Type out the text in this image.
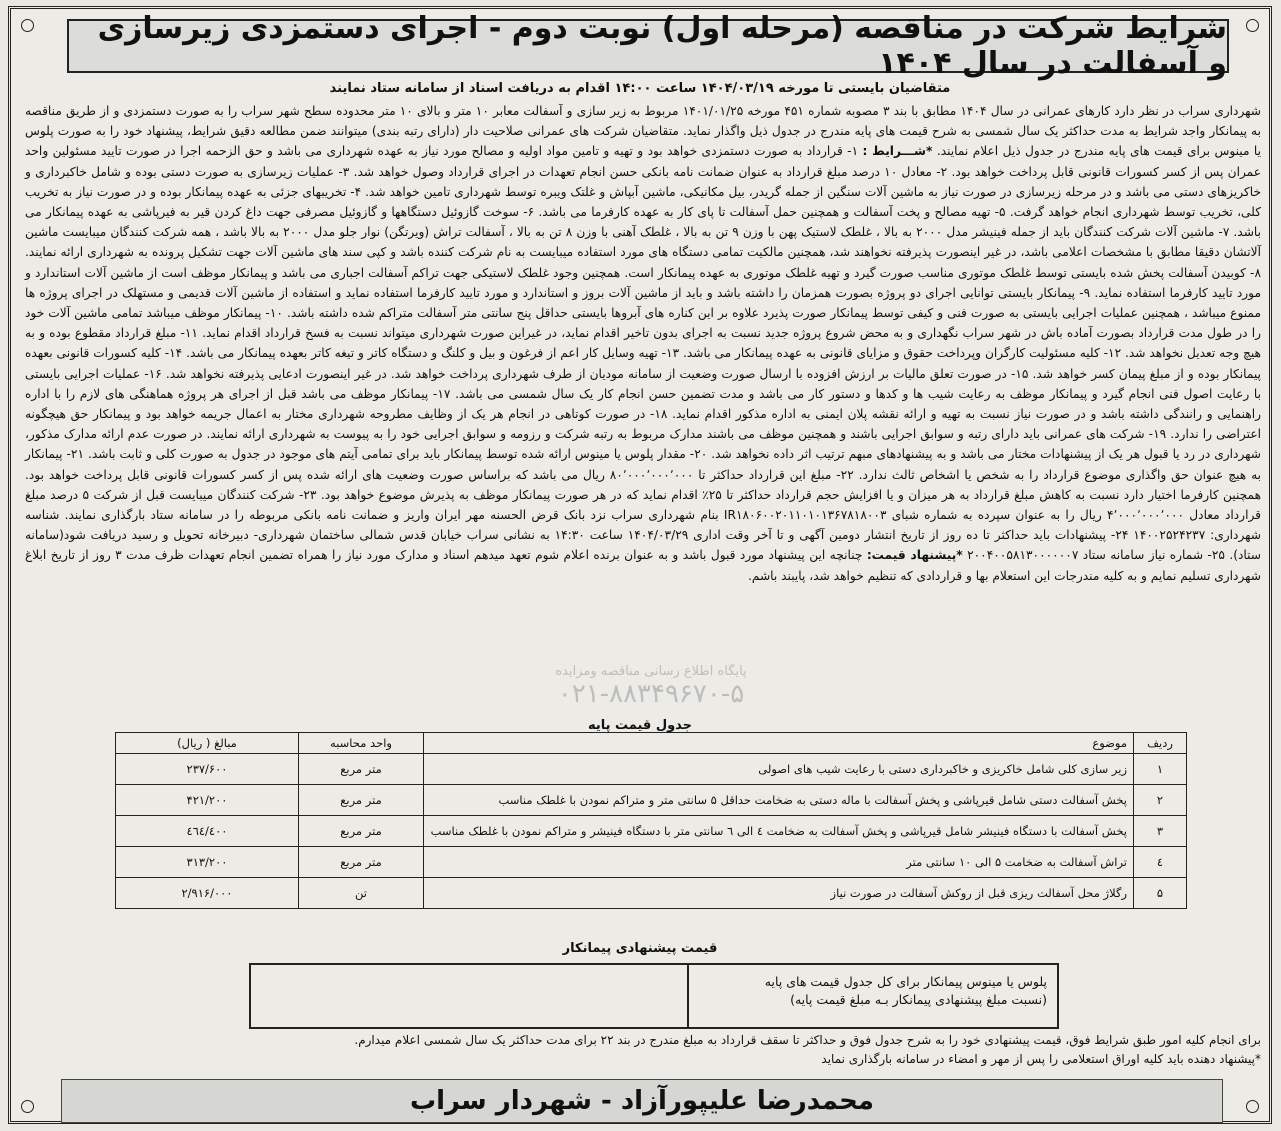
شرایط شرکت در مناقصه (مرحله اول) نوبت دوم - اجرای دستمزدی زیرسازی و آسفالت در سال ۱۴۰۴
متقاضیان بایستی تا مورخه ۱۴۰۴/۰۳/۱۹ ساعت ۱۴:۰۰ اقدام به دریافت اسناد از سامانه ستاد نمایند
شهرداری سراب در نظر دارد کارهای عمرانی در سال ۱۴۰۴ مطابق با بند ۳ مصوبه شماره ۴۵۱ مورخه ۱۴۰۱/۰۱/۲۵ مربوط به زیر سازی و آسفالت معابر ۱۰ متر و بالای ۱۰ متر محدوده سطح شهر سراب را به صورت دستمزدی و از طریق مناقصه به پیمانکار واجد شرایط به مدت حداکثر یک سال شمسی به شرح قیمت های پایه مندرج در جدول ذیل واگذار نماید. متقاضیان شرکت های عمرانی صلاحیت دار (دارای رتبه بندی) میتوانند ضمن مطالعه دقیق شرایط، پیشنهاد خود را به صورت پلوس یا مینوس برای قیمت های پایه مندرج در جدول ذیل اعلام نمایند. *شـــرایط : ۱- قرارداد به صورت دستمزدی خواهد بود و تهیه و تامین مواد اولیه و مصالح مورد نیاز به عهده شهرداری می باشد و حق الزحمه اجرا در صورت تایید مسئولین واحد عمران پس از کسر کسورات قانونی قابل پرداخت خواهد بود. ۲- معادل ۱۰ درصد مبلغ قرارداد به عنوان ضمانت نامه بانکی حسن انجام تعهدات در اجرای قرارداد وصول خواهد شد. ۳- عملیات زیرسازی به صورت دستی بوده و شامل خاکبرداری و خاکریزهای دستی می باشد و در مرحله زیرسازی در صورت نیاز به ماشین آلات سنگین از جمله گریدر، بیل مکانیکی، ماشین آبپاش و غلتک ویبره توسط شهرداری تامین خواهد شد. ۴- تخریبهای جزئی به عهده پیمانکار بوده و در صورت نیاز به تخریب کلی، تخریب توسط شهرداری انجام خواهد گرفت. ۵- تهیه مصالح و پخت آسفالت و همچنین حمل آسفالت تا پای کار به عهده کارفرما می باشد. ۶- سوخت گازوئیل دستگاهها و گازوئیل مصرفی جهت داغ کردن قیر به فیرپاشی به عهده پیمانکار می باشد. ۷- ماشین آلات شرکت کنندگان باید از جمله فینیشر مدل ۲۰۰۰ به بالا ، غلطک لاستیک پهن با وزن ۹ تن به بالا ، غلطک آهنی با وزن ۸ تن به بالا ، آسفالت تراش (ویرتگن) نوار جلو مدل ۲۰۰۰ به بالا باشد ، همه شرکت کنندگان میبایست ماشین آلاتشان دقیقا مطابق با مشخصات اعلامی باشد، در غیر اینصورت پذیرفته نخواهند شد، همچنین مالکیت تمامی دستگاه های مورد استفاده میبایست به نام شرکت کننده باشد و کپی سند های ماشین آلات جهت تشکیل پرونده به شهرداری ارائه نمایند. ۸- کوبیدن آسفالت پخش شده بایستی توسط غلطک موتوری مناسب صورت گیرد و تهیه غلطک موتوری به عهده پیمانکار است. همچنین وجود غلطک لاستیکی جهت تراکم آسفالت اجباری می باشد و پیمانکار موظف است از ماشین آلات استاندارد و مورد تایید کارفرما استفاده نماید. ۹- پیمانکار بایستی توانایی اجرای دو پروژه بصورت همزمان را داشته باشد و باید از ماشین آلات بروز و استاندارد و مورد تایید کارفرما استفاده نماید و استفاده از ماشین آلات قدیمی و مستهلک در اجرای پروژه ها ممنوع میباشد ، همچنین عملیات اجرایی بایستی به صورت فنی و کیفی توسط پیمانکار صورت پذیرد علاوه بر این کناره های آبروها بایستی حداقل پنج سانتی متر آسفالت متراکم شده داشته باشد. ۱۰- پیمانکار موظف میباشد تمامی ماشین آلات خود را در طول مدت قرارداد بصورت آماده باش در شهر سراب نگهداری و به محض شروع پروژه جدید نسبت به اجرای بدون تاخیر اقدام نماید، در غیراین صورت شهرداری میتواند نسبت به فسخ قرارداد اقدام نماید. ۱۱- مبلغ قرارداد مقطوع بوده و به هیچ وجه تعدیل نخواهد شد. ۱۲- کلیه مسئولیت کارگران وپرداخت حقوق و مزایای قانونی به عهده پیمانکار می باشد. ۱۳- تهیه وسایل کار اعم از فرغون و بیل و کلنگ و دستگاه کاتر و تیغه کاتر بعهده پیمانکار می باشد. ۱۴- کلیه کسورات قانونی بعهده پیمانکار بوده و از مبلغ پیمان کسر خواهد شد. ۱۵- در صورت تعلق مالیات بر ارزش افزوده با ارسال صورت وضعیت از سامانه مودیان از طرف شهرداری پرداخت خواهد شد. در غیر اینصورت ادعایی پذیرفته نخواهد شد. ۱۶- عملیات اجرایی بایستی با رعایت اصول فنی انجام گیرد و پیمانکار موظف به رعایت شیب ها و کدها و دستور کار می باشد و مدت تضمین حسن انجام کار یک سال شمسی می باشد. ۱۷- پیمانکار موظف می باشد قبل از اجرای هر پروژه هماهنگی های لازم را با اداره راهنمایی و رانندگی داشته باشد و در صورت نیاز نسبت به تهیه و ارائه نقشه پلان ایمنی به اداره مذکور اقدام نماید. ۱۸- در صورت کوتاهی در انجام هر یک از وظایف مطروحه شهرداری مختار به اعمال جریمه خواهد بود و پیمانکار حق هیچگونه اعتراضی را ندارد. ۱۹- شرکت های عمرانی باید دارای رتبه و سوابق اجرایی باشند و همچنین موظف می باشند مدارک مربوط به رتبه شرکت و رزومه و سوابق اجرایی خود را به پیوست به شهرداری ارائه نمایند. در صورت عدم ارائه مدارک مذکور، شهرداری در رد یا قبول هر یک از پیشنهادات مختار می باشد و به پیشنهادهای مبهم ترتیب اثر داده نخواهد شد. ۲۰- مقدار پلوس یا مینوس ارائه شده توسط پیمانکار باید برای تمامی آیتم های موجود در جدول به صورت کلی و ثابت باشد. ۲۱- پیمانکار به هیچ عنوان حق واگذاری موضوع قرارداد را به شخص یا اشخاص ثالث ندارد. ۲۲- مبلغ این قرارداد حداکثر تا ۸۰٬۰۰۰٬۰۰۰٬۰۰۰ ریال می باشد که براساس صورت وضعیت های ارائه شده پس از کسر کسورات قانونی قابل پرداخت خواهد بود. همچنین کارفرما اختیار دارد نسبت به کاهش مبلغ قرارداد به هر میزان و یا افزایش حجم قرارداد حداکثر تا ۲۵٪ اقدام نماید که در هر صورت پیمانکار موظف به پذیرش موضوع خواهد بود. ۲۳- شرکت کنندگان میبایست قبل از شرکت ۵ درصد مبلغ قرارداد معادل ۴٬۰۰۰٬۰۰۰٬۰۰۰ ریال را به عنوان سپرده به شماره شبای IR۱۸۰۶۰۰۲۰۱۱۰۱۰۱۳۶۷۸۱۸۰۰۳ بنام شهرداری سراب نزد بانک قرض الحسنه مهر ایران واریز و ضمانت نامه بانکی مربوطه را در سامانه ستاد بارگذاری نمایند. شناسه شهرداری: ۱۴۰۰۲۵۲۴۲۳۷ ۲۴- پیشنهادات باید حداکثر تا ده روز از تاریخ انتشار دومین آگهی و تا آخر وقت اداری ۱۴۰۴/۰۳/۲۹ ساعت ۱۴:۳۰ به نشانی سراب خیابان قدس شمالی ساختمان شهرداری- دبیرخانه تحویل و رسید دریافت شود(سامانه ستاد). ۲۵- شماره نیاز سامانه ستاد ۲۰۰۴۰۰۵۸۱۳۰۰۰۰۰۰۷ *پیشنهاد قیمت: چنانچه این پیشنهاد مورد قبول باشد و به عنوان برنده اعلام شوم تعهد میدهم اسناد و مدارک مورد نیاز را همراه تضمین انجام تعهدات ظرف مدت ۳ روز از تاریخ ابلاغ شهرداری تسلیم نمایم و به کلیه مندرجات این استعلام بها و قراردادی که تنظیم خواهد شد، پایبند باشم.
پایگاه اطلاع رسانی مناقصه ومزایده
۰۲۱-۸۸۳۴۹۶۷۰-۵
جدول قیمت پایه
ردیف	موضوع	واحد محاسبه	مبالغ ( ریال)
۱	زیر سازی کلی شامل خاکریزی و خاکبرداری دستی با رعایت شیب های اصولی	متر مربع	۲۳۷/۶۰۰
۲	پخش آسفالت دستی شامل قیرپاشی و پخش آسفالت با ماله دستی به ضخامت حداقل ۵ سانتی متر و متراکم نمودن با غلطک مناسب	متر مربع	۴۲۱/۲۰۰
۳	پخش آسفالت با دستگاه فینیشر شامل قیرپاشی و پخش آسفالت به ضخامت ٤ الی ٦ سانتی متر با دستگاه فینیشر و متراکم نمودن با غلطک مناسب	متر مربع	٤٦٤/٤٠٠
٤	تراش آسفالت به ضخامت ۵ الی ۱۰ سانتی متر	متر مربع	۳۱۳/۲۰۰
۵	رگلاژ محل آسفالت ریزی قبل از روکش آسفالت در صورت نیاز	تن	۲/۹۱۶/۰۰۰
قیمت پیشنهادی پیمانکار
پلوس یا مینوس پیمانکار برای کل جدول قیمت های پایه
(نسبت مبلغ پیشنهادی پیمانکار بـه مبلغ قیمت پایه)
برای انجام کلیه امور طبق شرایط فوق، قیمت پیشنهادی خود را به شرح جدول فوق و حداکثر تا سقف قرارداد به مبلغ مندرج در بند ۲۲ برای مدت حداکثر یک سال شمسی اعلام میدارم.
*پیشنهاد دهنده باید کلیه اوراق استعلامی را پس از مهر و امضاء در سامانه بارگذاری نماید
محمدرضا علیپورآزاد - شهردار سراب
